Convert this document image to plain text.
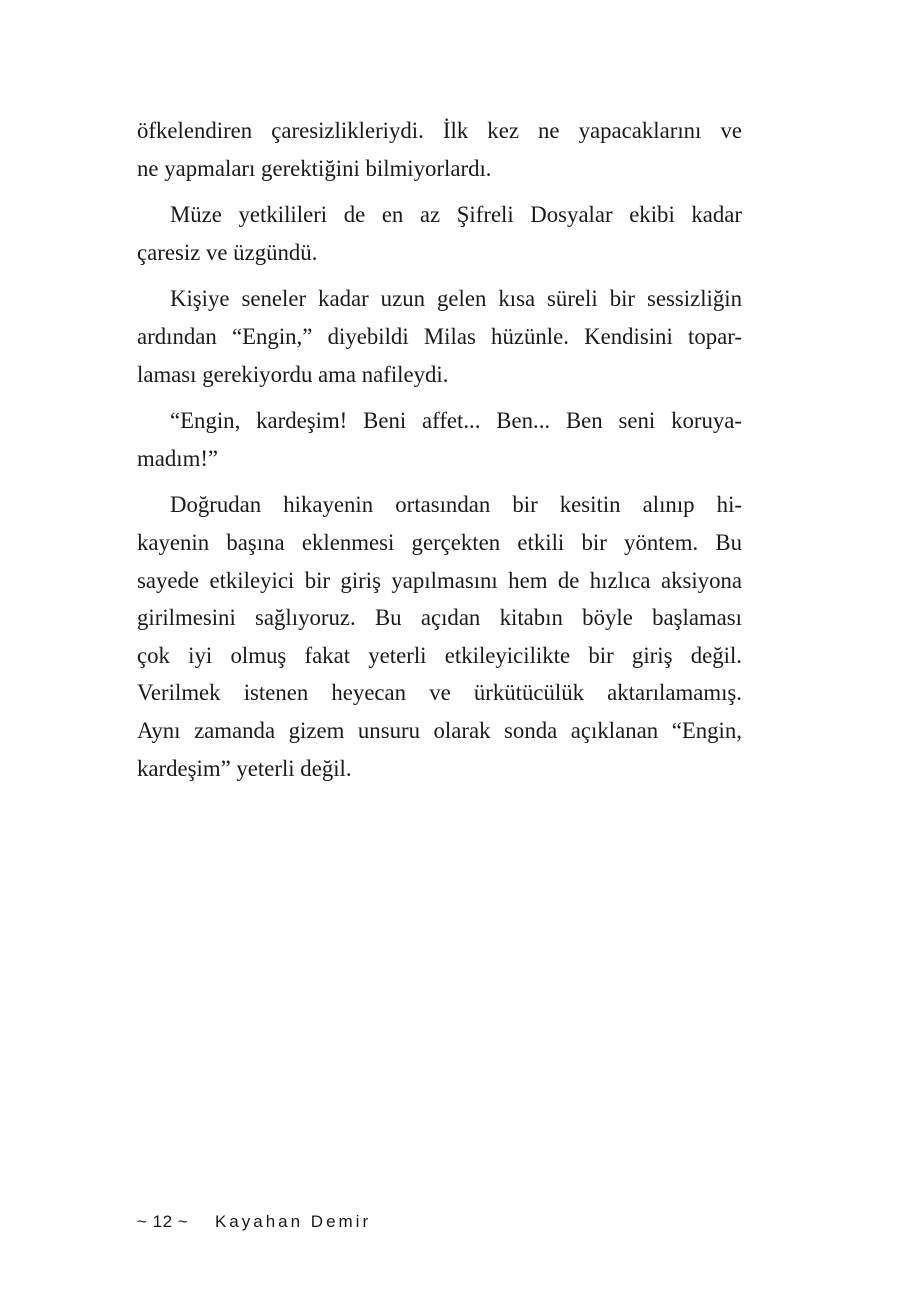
öfkelendiren çaresizlikleriydi. İlk kez ne yapacaklarını ve
ne yapmaları gerektiğini bilmiyorlardı.
Müze yetkilileri de en az Şifreli Dosyalar ekibi kadar
çaresiz ve üzgündü.
Kişiye seneler kadar uzun gelen kısa süreli bir sessizliğin
ardından “Engin,” diyebildi Milas hüzünle. Kendisini topar-
laması gerekiyordu ama nafileydi.
“Engin, kardeşim! Beni affet... Ben... Ben seni koruya-
madım!”
Doğrudan hikayenin ortasından bir kesitin alınıp hi-
kayenin başına eklenmesi gerçekten etkili bir yöntem. Bu
sayede etkileyici bir giriş yapılmasını hem de hızlıca aksiyona
girilmesini sağlıyoruz. Bu açıdan kitabın böyle başlaması
çok iyi olmuş fakat yeterli etkileyicilikte bir giriş değil.
Verilmek istenen heyecan ve ürkütücülük aktarılamamış.
Aynı zamanda gizem unsuru olarak sonda açıklanan “Engin,
kardeşim” yeterli değil.
~ 12 ~ Kayahan Demir
